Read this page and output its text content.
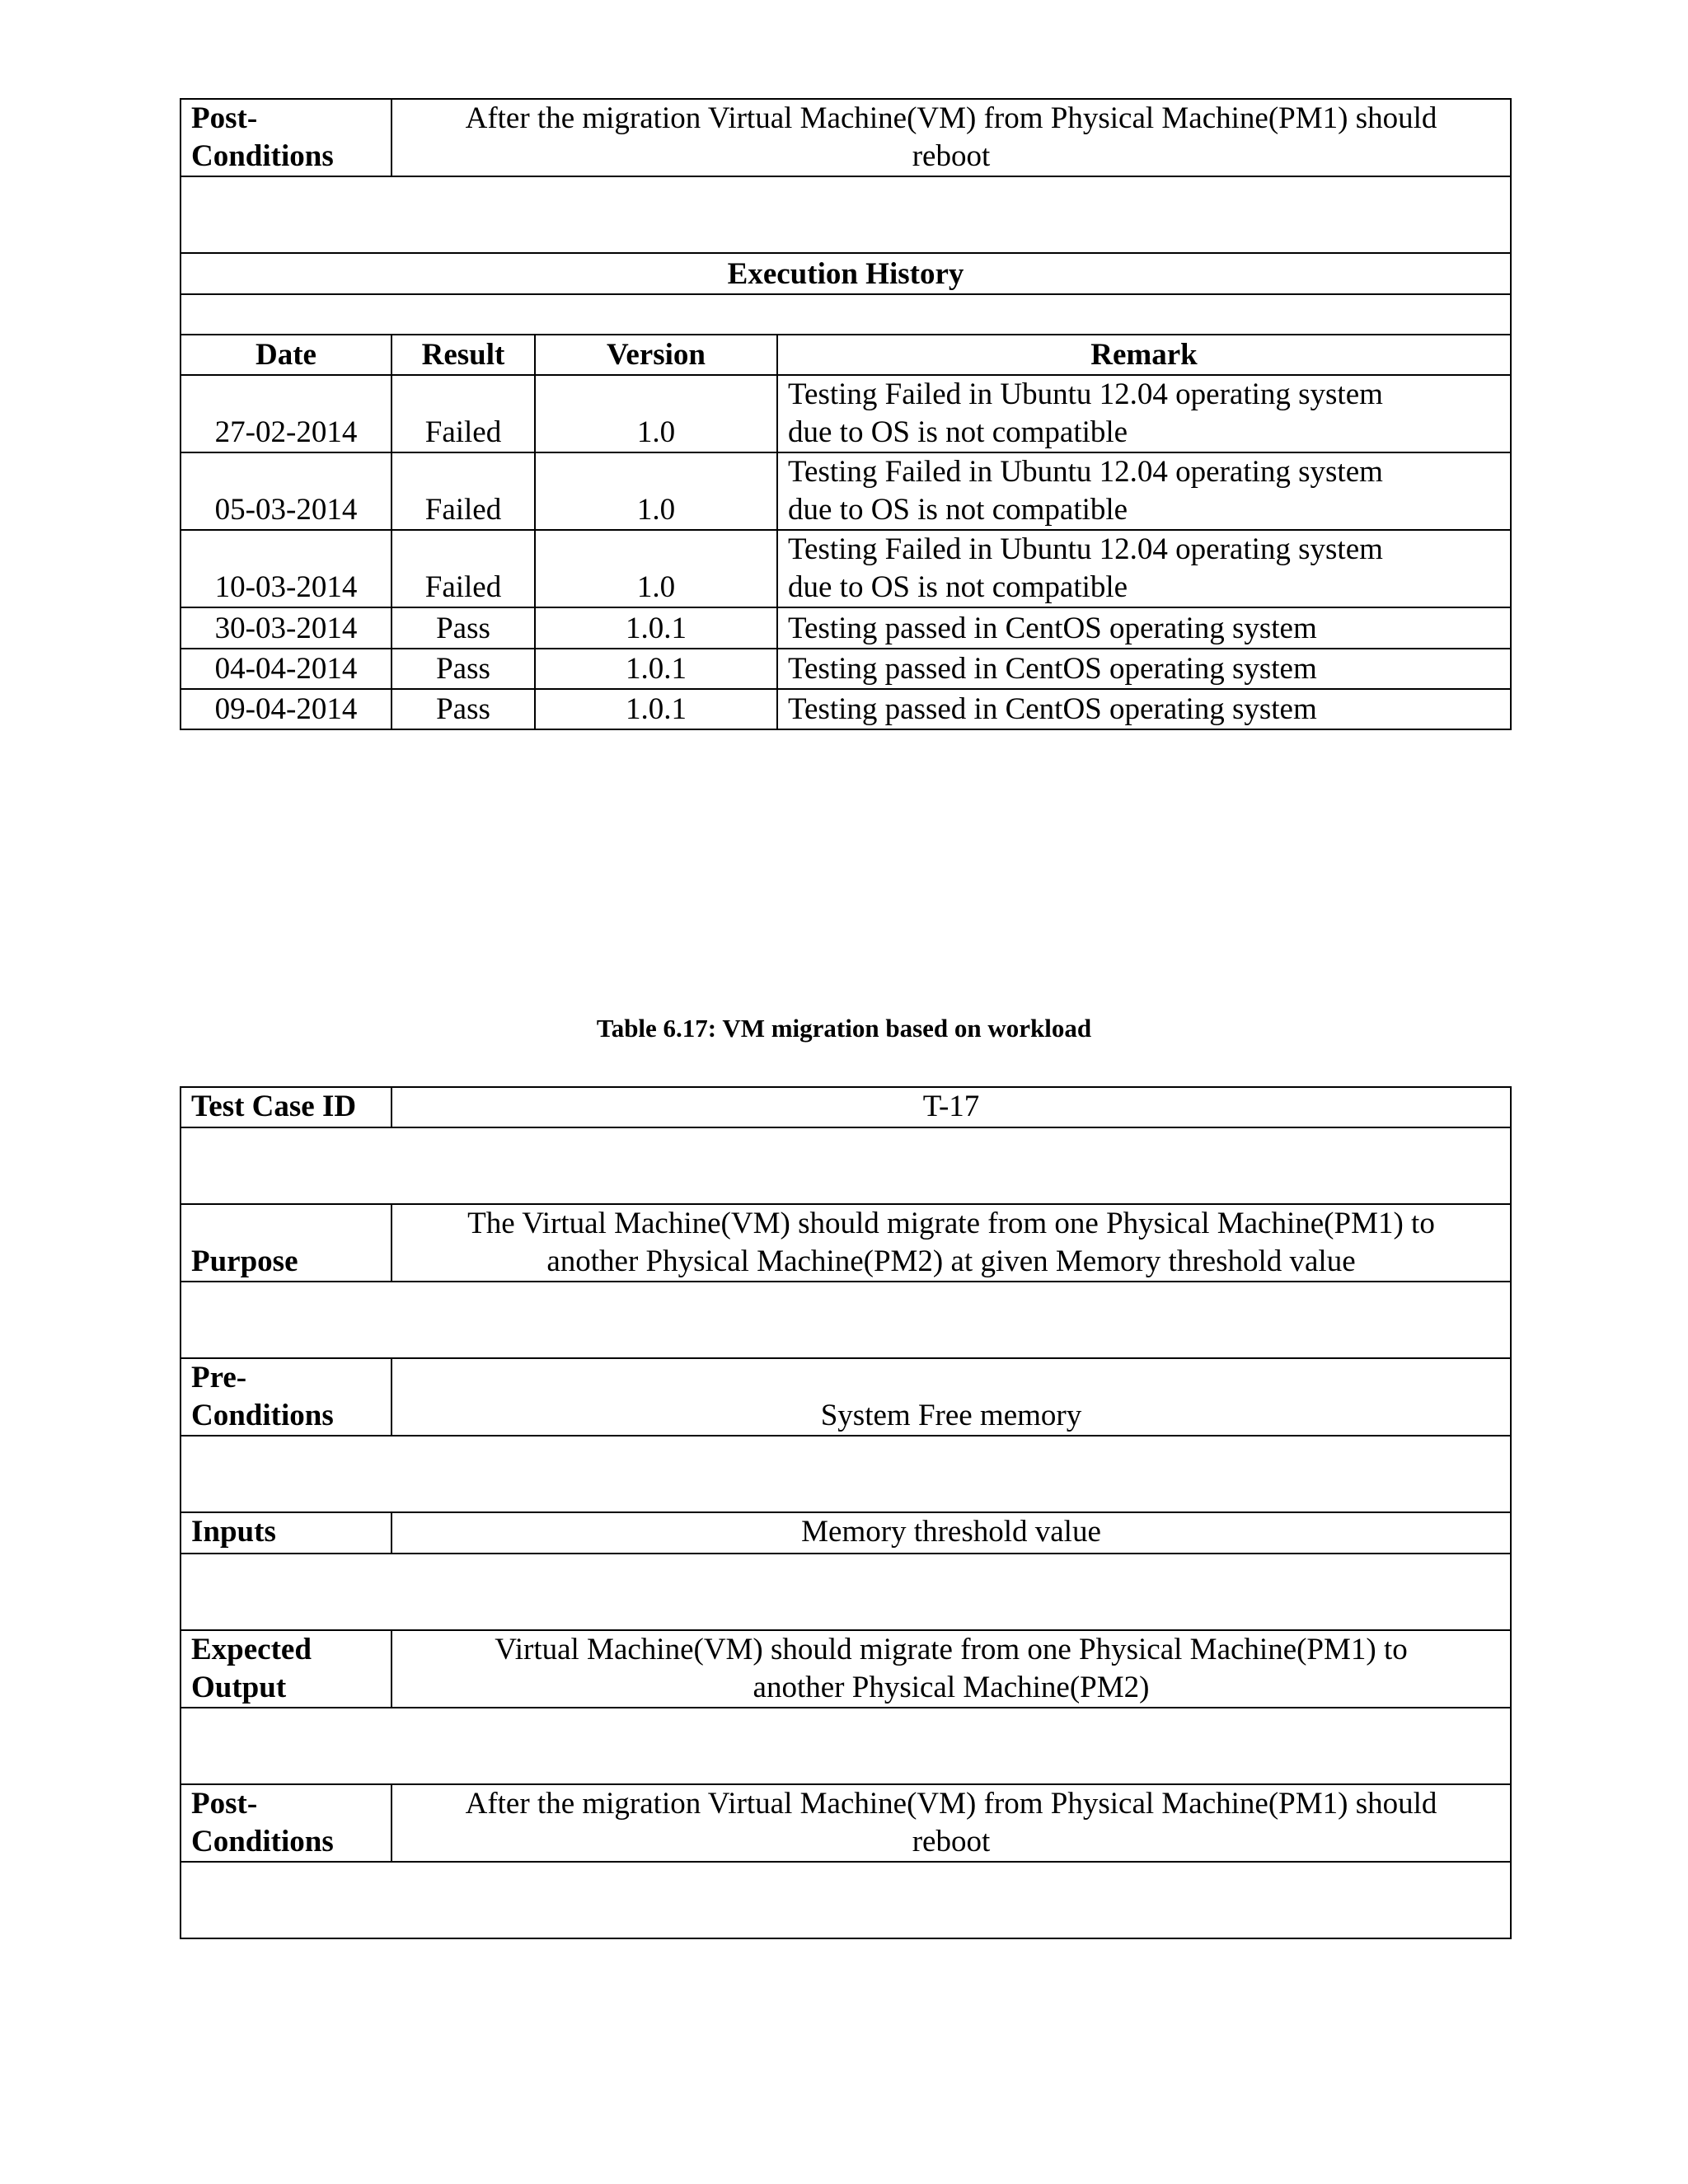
Post-
Conditions	After the migration Virtual Machine(VM) from Physical Machine(PM1) should
reboot		

Execution History			

Date	Result	Version	Remark
27-02-2014	Failed	1.0	Testing Failed in Ubuntu 12.04 operating system
due to OS is not compatible

05-03-2014	Failed	1.0	Testing Failed in Ubuntu 12.04 operating system
due to OS is not compatible

10-03-2014	Failed	1.0	Testing Failed in Ubuntu 12.04 operating system
due to OS is not compatible

30-03-2014	Pass	1.0.1	Testing passed in CentOS operating system

04-04-2014	Pass	1.0.1	Testing passed in CentOS operating system

09-04-2014	Pass	1.0.1	Testing passed in CentOS operating system
Table 6.17: VM migration based on workload
Test Case ID	T-17

Purpose	The Virtual Machine(VM) should migrate from one Physical Machine(PM1) to
another Physical Machine(PM2) at given Memory threshold value

Pre-
Conditions	System Free memory

Inputs	Memory threshold value

Expected
Output	Virtual Machine(VM) should migrate from one Physical Machine(PM1) to
another Physical Machine(PM2)

Post-
Conditions	After the migration Virtual Machine(VM) from Physical Machine(PM1) should
reboot
